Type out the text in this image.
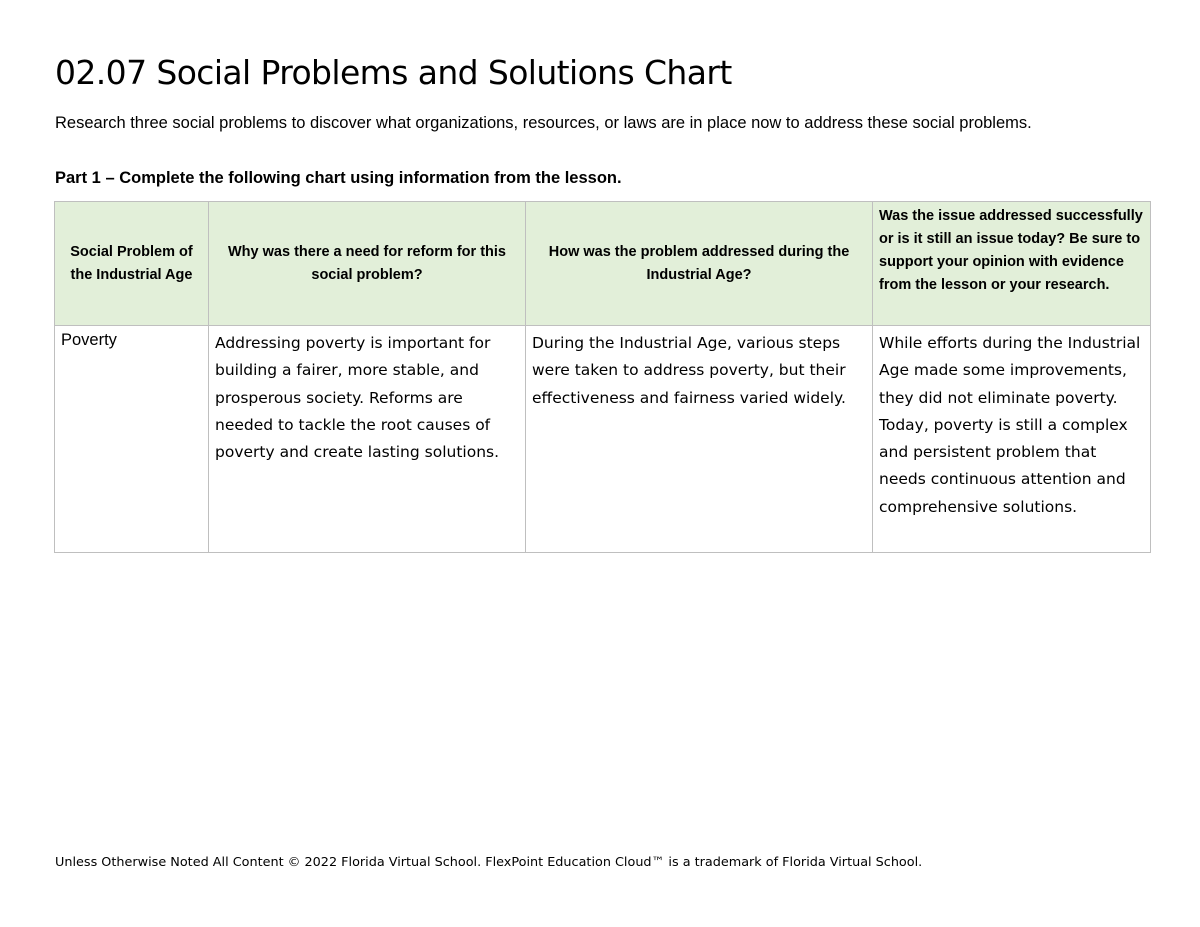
02.07 Social Problems and Solutions Chart

Research three social problems to discover what organizations, resources, or laws are in place now to address these social problems.

Part 1 – Complete the following chart using information from the lesson.

Social Problem of the Industrial Age	Why was there a need for reform for this social problem?	How was the problem addressed during the Industrial Age?	Was the issue addressed successfully or is it still an issue today? Be sure to support your opinion with evidence from the lesson or your research.
Poverty	Addressing poverty is important for building a fairer, more stable, and prosperous society. Reforms are needed to tackle the root causes of poverty and create lasting solutions.	During the Industrial Age, various steps were taken to address poverty, but their effectiveness and fairness varied widely.	While efforts during the Industrial Age made some improvements, they did not eliminate poverty. Today, poverty is still a complex and persistent problem that needs continuous attention and comprehensive solutions.

Unless Otherwise Noted All Content © 2022 Florida Virtual School. FlexPoint Education Cloud™ is a trademark of Florida Virtual School.
